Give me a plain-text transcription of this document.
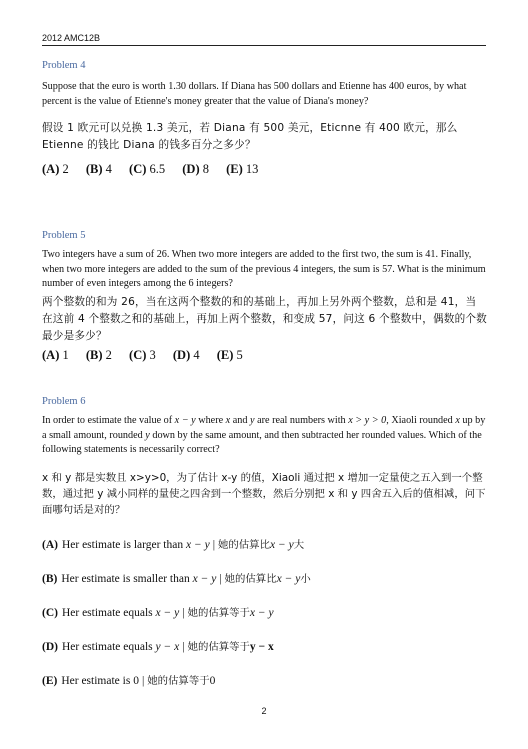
2012 AMC12B
Problem 4
Suppose that the euro is worth 1.30 dollars. If Diana has 500 dollars and Etienne has 400 euros, by what percent is the value of Etienne's money greater that the value of Diana's money?
假设 1 欧元可以兑换 1.3 美元，若 Diana 有 500 美元，Eticnne 有 400 欧元，那么 Etienne 的钱比 Diana 的钱多百分之多少？
(A) 2 (B) 4 (C) 6.5 (D) 8 (E) 13
Problem 5
Two integers have a sum of 26. When two more integers are added to the first two, the sum is 41. Finally, when two more integers are added to the sum of the previous 4 integers, the sum is 57. What is the minimum number of even integers among the 6 integers?
两个整数的和为 26，当在这两个整数的和的基础上，再加上另外两个整数，总和是 41，当在这前 4 个整数之和的基础上，再加上两个整数，和变成 57，问这 6 个整数中，偶数的个数最少是多少？
(A) 1 (B) 2 (C) 3 (D) 4 (E) 5
Problem 6
In order to estimate the value of x − y where x and y are real numbers with x > y > 0, Xiaoli rounded x up by a small amount, rounded y down by the same amount, and then subtracted her rounded values. Which of the following statements is necessarily correct?
x 和 y 都是实数且 x>y>0，为了估计 x-y 的值，Xiaoli 通过把 x 增加一定量使之五入到一个整数，通过把 y 减小同样的量使之四舍到一个整数，然后分别把 x 和 y 四舍五入后的值相减，问下面哪句话是对的？
(A) Her estimate is larger than x − y | 她的估算比x − y大
(B) Her estimate is smaller than x − y | 她的估算比x − y小
(C) Her estimate equals x − y | 她的估算等于x − y
(D) Her estimate equals y − x | 她的估算等于y − x
(E) Her estimate is 0 | 她的估算等于0
2
